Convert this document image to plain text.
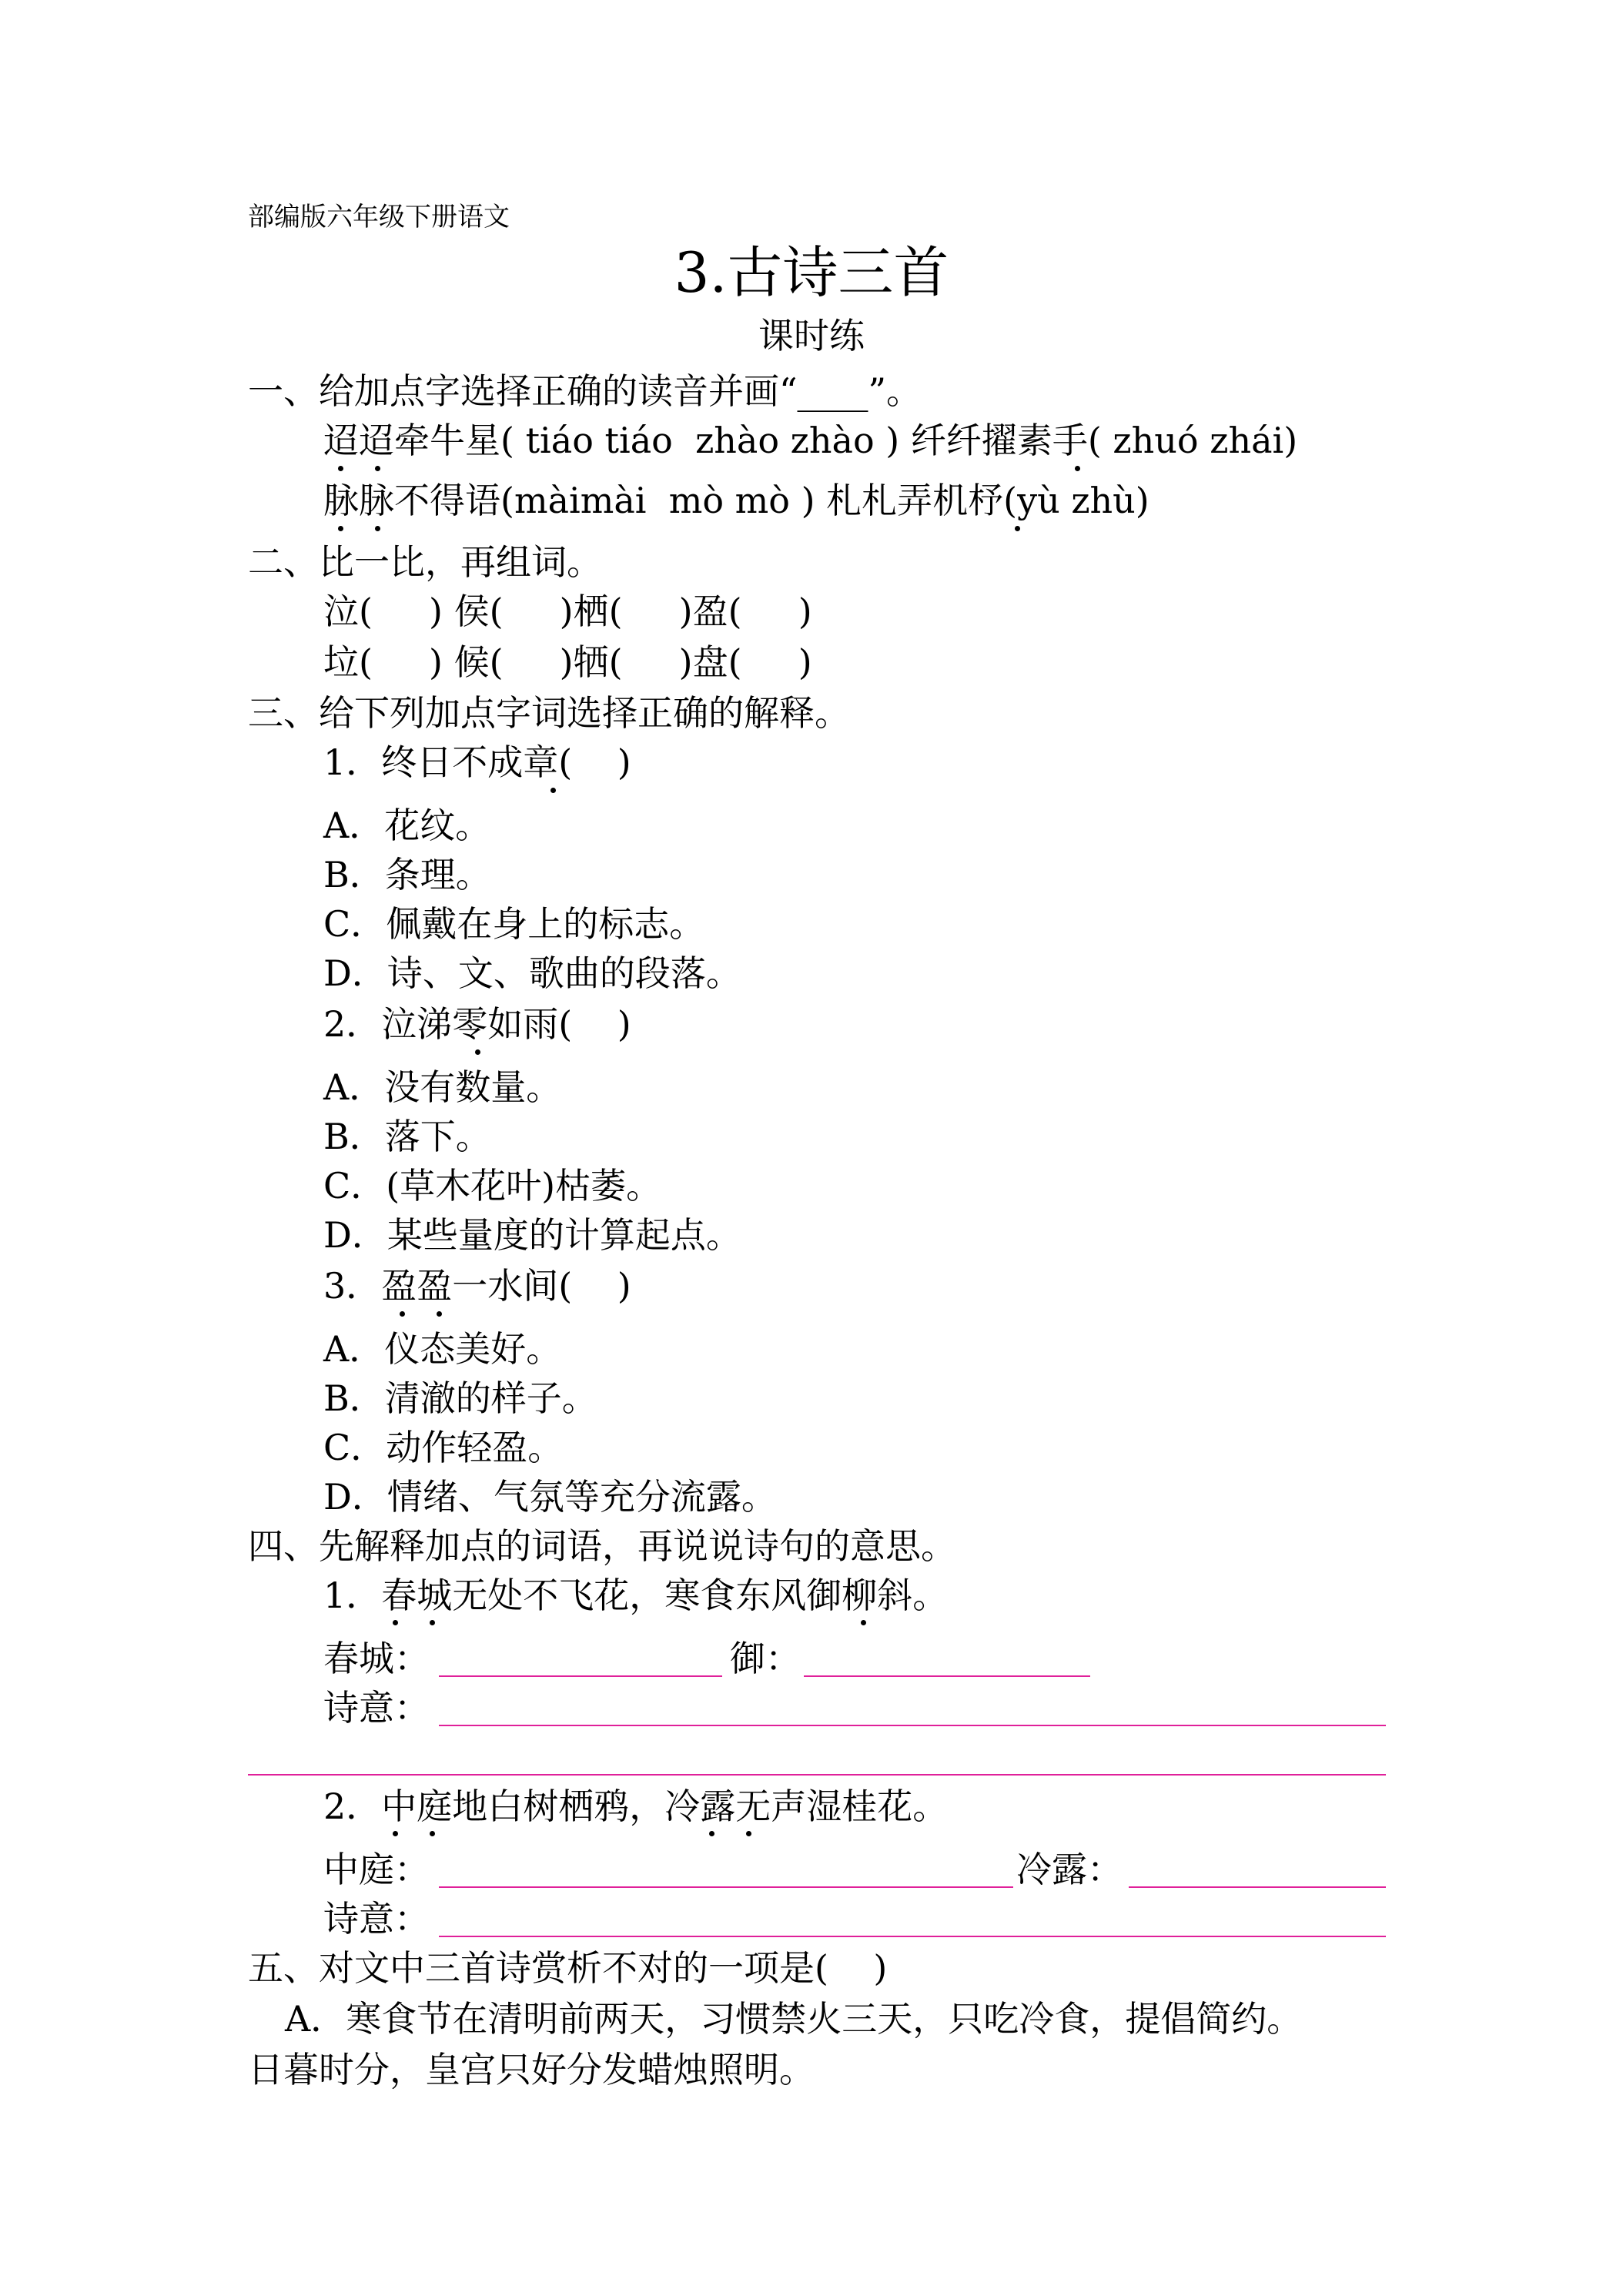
部编版六年级下册语文
3.古诗三首
课时练
一、给加点字选择正确的读音并画“____”。
迢迢牵牛星( tiáo tiáo  zhào zhào ) 纤纤擢素手( zhuó zhái)
脉脉不得语(màimài  mò mò ) 札札弄机杼(yù zhù)
二、比一比，再组词。
泣(     ) 侯(     )栖(     )盈(     )
垃(     ) 候(     )牺(     )盘(     )
三、给下列加点字词选择正确的解释。
1．终日不成章(    )
A．花纹。
B．条理。
C．佩戴在身上的标志。
D．诗、文、歌曲的段落。
2．泣涕零如雨(    )
A．没有数量。
B．落下。
C．(草木花叶)枯萎。
D．某些量度的计算起点。
3．盈盈一水间(    )
A．仪态美好。
B．清澈的样子。
C．动作轻盈。
D．情绪、气氛等充分流露。
四、先解释加点的词语，再说说诗句的意思。
1．春城无处不飞花，寒食东风御柳斜。
春城：	御：
诗意：
2．中庭地白树栖鸦，冷露无声湿桂花。
中庭：	冷露：
诗意：
五、对文中三首诗赏析不对的一项是(    )
A．寒食节在清明前两天，习惯禁火三天，只吃冷食，提倡简约。
日暮时分，皇宫只好分发蜡烛照明。
